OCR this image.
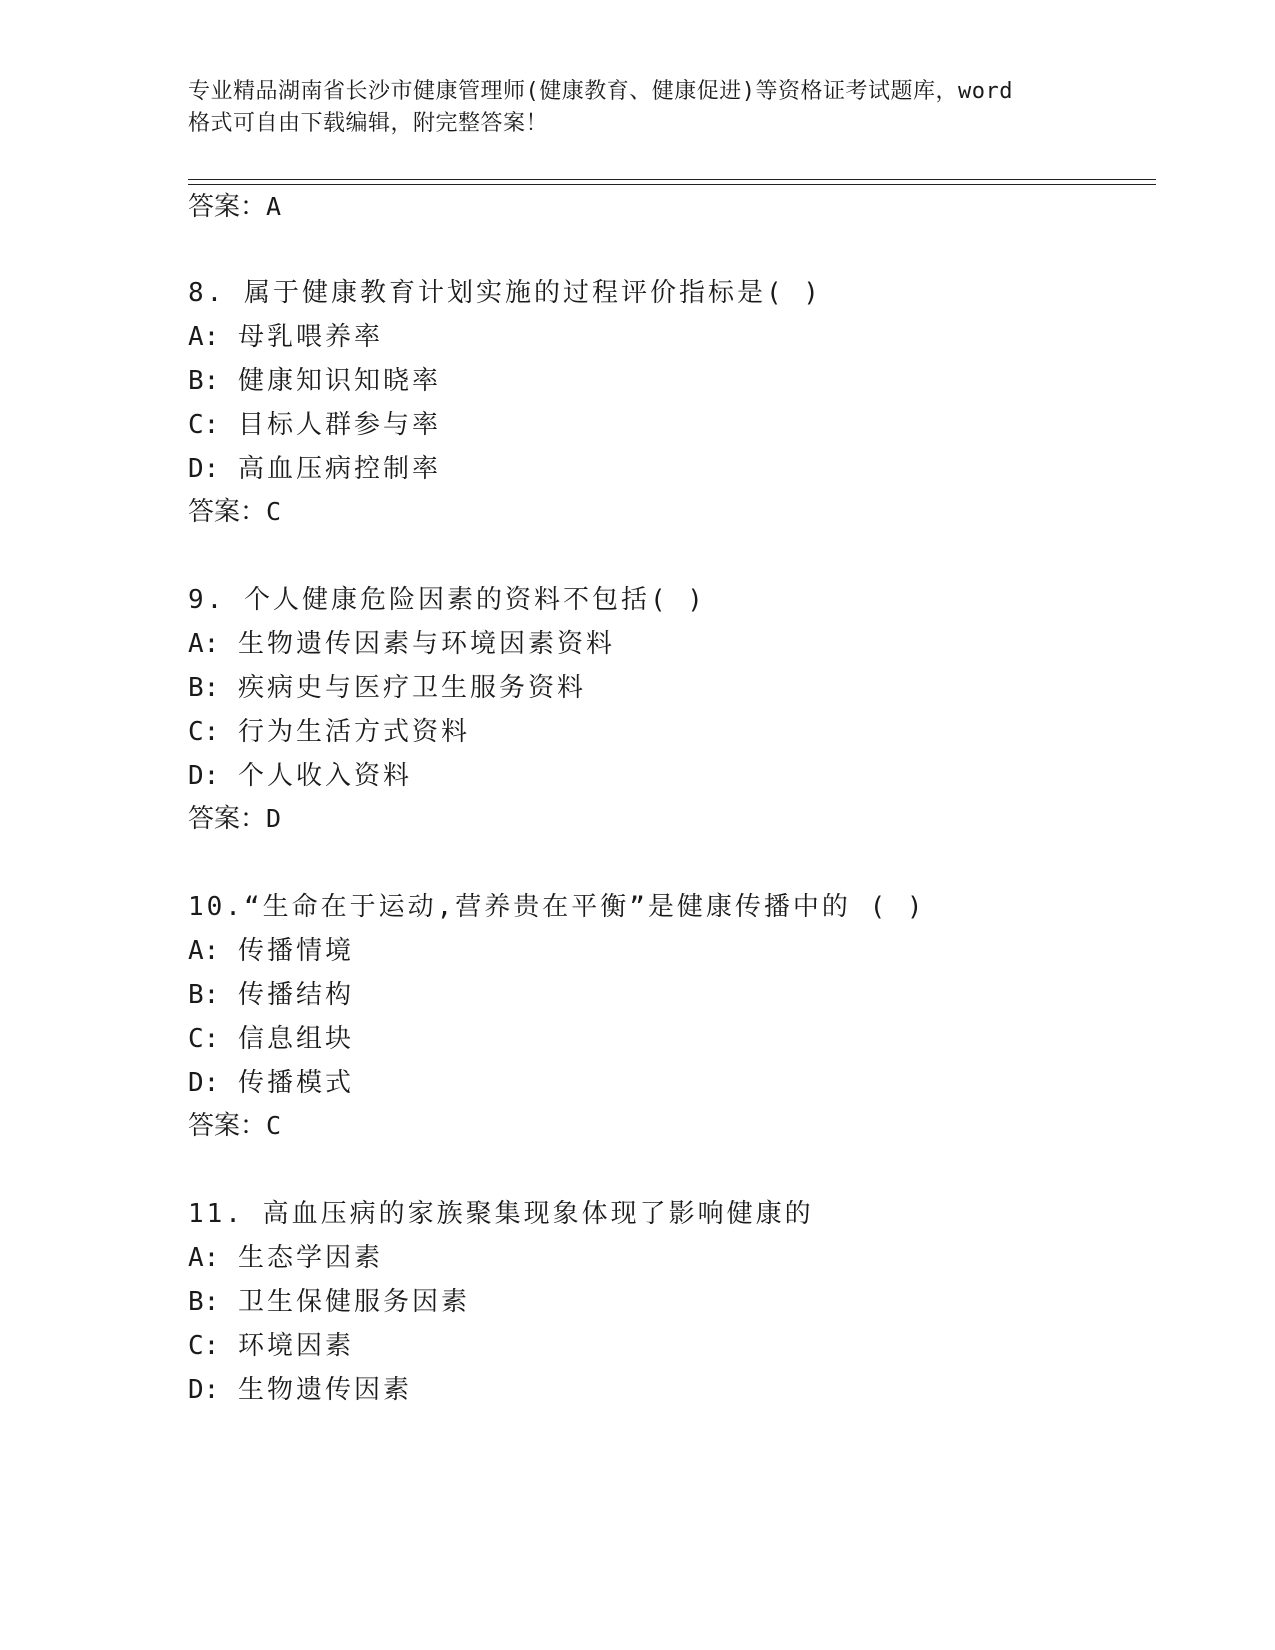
专业精品湖南省长沙市健康管理师(健康教育、健康促进)等资格证考试题库，word
格式可自由下载编辑，附完整答案！
答案：A
8. 属于健康教育计划实施的过程评价指标是( )
A: 母乳喂养率
B: 健康知识知晓率
C: 目标人群参与率
D: 高血压病控制率
答案：C
9. 个人健康危险因素的资料不包括( )
A: 生物遗传因素与环境因素资料
B: 疾病史与医疗卫生服务资料
C: 行为生活方式资料
D: 个人收入资料
答案：D
10.“生命在于运动,营养贵在平衡”是健康传播中的 ( )
A: 传播情境
B: 传播结构
C: 信息组块
D: 传播模式
答案：C
11. 高血压病的家族聚集现象体现了影响健康的
A: 生态学因素
B: 卫生保健服务因素
C: 环境因素
D: 生物遗传因素
